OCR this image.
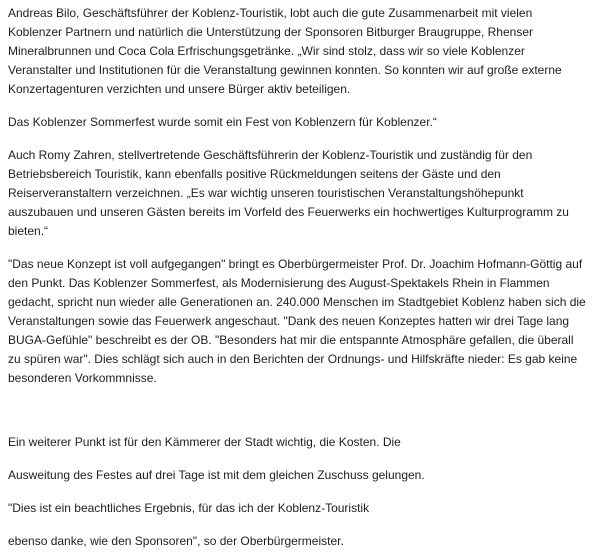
Andreas Bilo, Geschäftsführer der Koblenz-Touristik, lobt auch die gute Zusammenarbeit mit vielen
Koblenzer Partnern und natürlich die Unterstützung der Sponsoren Bitburger Braugruppe, Rhenser
Mineralbrunnen und Coca Cola Erfrischungsgetränke. „Wir sind stolz, dass wir so viele Koblenzer
Veranstalter und Institutionen für die Veranstaltung gewinnen konnten. So konnten wir auf große externe
Konzertagenturen verzichten und unsere Bürger aktiv beteiligen.

Das Koblenzer Sommerfest wurde somit ein Fest von Koblenzern für Koblenzer.“

Auch Romy Zahren, stellvertretende Geschäftsführerin der Koblenz-Touristik und zuständig für den
Betriebsbereich Touristik, kann ebenfalls positive Rückmeldungen seitens der Gäste und den
Reiserveranstaltern verzeichnen. „Es war wichtig unseren touristischen Veranstaltungshöhepunkt
auszubauen und unseren Gästen bereits im Vorfeld des Feuerwerks ein hochwertiges Kulturprogramm zu
bieten.“

"Das neue Konzept ist voll aufgegangen" bringt es Oberbürgermeister Prof. Dr. Joachim Hofmann-Göttig auf
den Punkt. Das Koblenzer Sommerfest, als Modernisierung des August-Spektakels Rhein in Flammen
gedacht, spricht nun wieder alle Generationen an. 240.000 Menschen im Stadtgebiet Koblenz haben sich die
Veranstaltungen sowie das Feuerwerk angeschaut. "Dank des neuen Konzeptes hatten wir drei Tage lang
BUGA-Gefühle" beschreibt es der OB. "Besonders hat mir die entspannte Atmosphäre gefallen, die überall
zu spüren war". Dies schlägt sich auch in den Berichten der Ordnungs- und Hilfskräfte nieder: Es gab keine
besonderen Vorkommnisse.

Ein weiterer Punkt ist für den Kämmerer der Stadt wichtig, die Kosten. Die

Ausweitung des Festes auf drei Tage ist mit dem gleichen Zuschuss gelungen.

"Dies ist ein beachtliches Ergebnis, für das ich der Koblenz-Touristik

ebenso danke, wie den Sponsoren", so der Oberbürgermeister.
